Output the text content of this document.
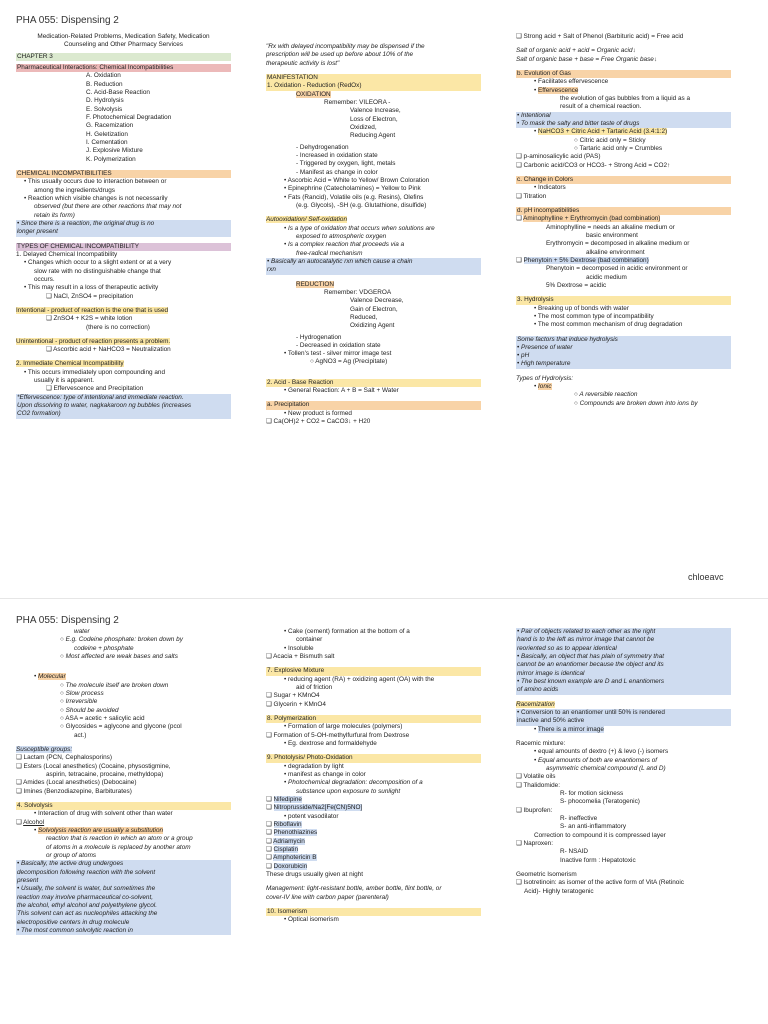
PHA 055: Dispensing 2
Medication-Related Problems, Medication Safety, Medication
Counseling and Other Pharmacy Services
CHAPTER 3
Pharmaceutical Interactions: Chemical Incompatibilities
A. Oxidation
B. Reduction
C. Acid-Base Reaction
D. Hydrolysis
E. Solvolysis
F. Photochemical Degradation
G. Racemization
H. Geletization
I. Cementation
J. Explosive Mixture
K. Polymerization
CHEMICAL INCOMPATIBILITIES
• This usually occurs due to interaction between or
among the ingredients/drugs
• Reaction which visible changes is not necessarily
observed (but there are other reactions that may not
retain its form)
• Since there is a reaction, the original drug is no
longer present
TYPES OF CHEMICAL INCOMPATIBILITY
1. Delayed Chemical Incompatibility
• Changes which occur to a slight extent or at a very
slow rate with no distinguishable change that
occurs.
• This may result in a loss of therapeutic activity
❑ NaCl, ZnSO4 = precipitation
Intentional - product of reaction is the one that is used
❑ ZnSO4 + K2S = white lotion
(there is no correction)
Unintentional - product of reaction presents a problem.
❑ Ascorbic acid + NaHCO3 = Neutralization
2. Immediate Chemical Incompatibility
• This occurs immediately upon compounding and
usually it is apparent.
❑ Effervescence and Precipitation
*Effervescence: type of intentional and immediate reaction.
Upon dissolving to water, nagkakaroon ng bubbles (increases
CO2 formation)
"Rx with delayed incompatibility may be dispensed if the
prescription will be used up before about 10% of the
therapeutic activity is lost"
MANIFESTATION
1. Oxidation - Reduction (RedOx)
OXIDATION
Remember: VILEORA -
Valence Increase,
Loss of Electron,
Oxidized,
Reducing Agent
- Dehydrogenation
- Increased in oxidation state
- Triggered by oxygen, light, metals
- Manifest as change in color
• Ascorbic Acid = White to Yellow/ Brown Coloration
• Epinephrine (Catecholamines) = Yellow to Pink
• Fats (Rancid), Volatile oils (e.g. Resins), Olefins
(e.g. Glycols), -SH (e.g. Glutathione, disulfide)
Autooxidation/ Self-oxidation
• Is a type of oxidation that occurs when solutions are
exposed to atmospheric oxygen
• Is a complex reaction that proceeds via a
free-radical mechanism
• Basically an autocatalytic rxn which cause a chain
rxn
REDUCTION
Remember: VDGEROA
Valence Decrease,
Gain of Electron,
Reduced,
Oxidizing Agent
- Hydrogenation
- Decreased in oxidation state
• Tollen's test - silver mirror image test
○ AgNO3 = Ag (Precipitate)
2. Acid - Base Reaction
• General Reaction: A + B = Salt + Water
a. Precipitation
• New product is formed
❑ Ca(OH)2 + CO2 = CaCO3↓ + H20
❑ Strong acid + Salt of Phenol (Barbituric acid) = Free acid
Salt of organic acid + acid = Organic acid↓
Salt of organic base + base = Free Organic base↓
b. Evolution of Gas
• Facilitates effervescence
• Effervescence
the evolution of gas bubbles from a liquid as a
result of a chemical reaction.
• Intentional
• To mask the salty and bitter taste of drugs
• NaHCO3 + Citric Acid + Tartaric Acid (3.4:1:2)
○ Citric acid only = Sticky
○ Tartaric acid only = Crumbles
❑ p-aminosalicylic acid (PAS)
❑ Carbonic acid/CO3 or HCO3- + Strong Acid = CO2↑
c. Change in Colors
• Indicators
❑ Titration
d. pH incompatibilities
❑ Aminophylline + Erythromycin (bad combination)
Aminophylline = needs an alkaline medium or
basic environment
Erythromycin = decomposed in alkaline medium or
alkaline environment
❑ Phenytoin + 5% Dextrose (bad combination)
Phenytoin = decomposed in acidic environment or
acidic medium
5% Dextrose = acidic
3. Hydrolysis
• Breaking up of bonds with water
• The most common type of incompatibility
• The most common mechanism of drug degradation
Some factors that induce hydrolysis
• Presence of water
• pH
• High temperature
Types of Hydrolysis:
• Ionic
○ A reversible reaction
○ Compounds are broken down into ions by
chloeavc
PHA 055: Dispensing 2
water
○ E.g. Codeine phosphate: broken down by
codeine + phosphate
○ Most affected are weak bases and salts
• Molecular
○ The molecule itself are broken down
○ Slow process
○ Irreversible
○ Should be avoided
○ ASA = acetic + salicylic acid
○ Glycosides = aglycone and glycone (pcol
act.)
Susceptible groups:
❑ Lactam (PCN, Cephalosporins)
❑ Esters (Local anesthetics) (Cocaine, physostigmine,
aspirin, tetracaine, procaine, methyldopa)
❑ Amides (Local anesthetics) (Debocaine)
❑ Imines (Benzodiazepine, Barbiturates)
4. Solvolysis
• Interaction of drug with solvent other than water
❑ Alcohol
• Solvolysis reaction are usually a substitution
reaction that is reaction in which an atom or a group
of atoms in a molecule is replaced by another atom
or group of atoms
• Basically, the active drug undergoes
decomposition following reaction with the solvent
present
• Usually, the solvent is water, but sometimes the
reaction may involve pharmaceutical co-solvent,
the alcohol, ethyl alcohol and polyethylene glycol.
This solvent can act as nucleophiles attacking the
electropositive centers in drug molecule
• The most common solvolytic reaction in
• Cake (cement) formation at the bottom of a
container
• Insoluble
❑ Acacia + Bismuth salt
7. Explosive Mixture
• reducing agent (RA) + oxidizing agent (OA) with the
aid of friction
❑ Sugar + KMnO4
❑ Glycerin + KMnO4
8. Polymerization
• Formation of large molecules (polymers)
❑ Formation of 5-OH-methylfurfural from Dextrose
• Eg. dextrose and formaldehyde
9. Photolysis/ Photo-Oxidation
• degradation by light
• manifest as change in color
• Photochemical degradation: decomposition of a
substance upon exposure to sunlight
❑ Nifedipine
❑ Nitroprusside/Na2[Fe(CN)5NO]
• potent vasodilator
❑ Riboflavin
❑ Phenothiazines
❑ Adriamycin
❑ Cisplatin
❑ Amphotericin B
❑ Doxorubicin
These drugs usually given at night
Management: light-resistant bottle, amber bottle, flint bottle, or
cover-IV line with carbon paper (parenteral)
10. Isomerism
• Optical isomerism
• Pair of objects related to each other as the right
hand is to the left as mirror image that cannot be
reoriented so as to appear identical
• Basically, an object that has plain of symmetry that
cannot be an enantiomer because the object and its
mirror image is identical
• The best known example are D and L enantiomers
of amino acids
Racemization
• Conversion to an enantiomer until 50% is rendered
inactive and 50% active
• There is a mirror image
Racemic mixture:
• equal amounts of dextro (+) & levo (-) isomers
• Equal amounts of both are enantiomers of
asymmetric chemical compound (L and D)
❑ Volatile oils
❑ Thalidomide:
R- for motion sickness
S- phocomelia (Teratogenic)
❑ Ibuprofen:
R- ineffective
S- an anti-inflammatory
Correction to compound it is compressed layer
❑ Naproxen:
R- NSAID
Inactive form : Hepatotoxic
Geometric Isomerism
❑ Isotretinoin: as isomer of the active form of VitA (Retinoic
Acid)- Highly teratogenic
